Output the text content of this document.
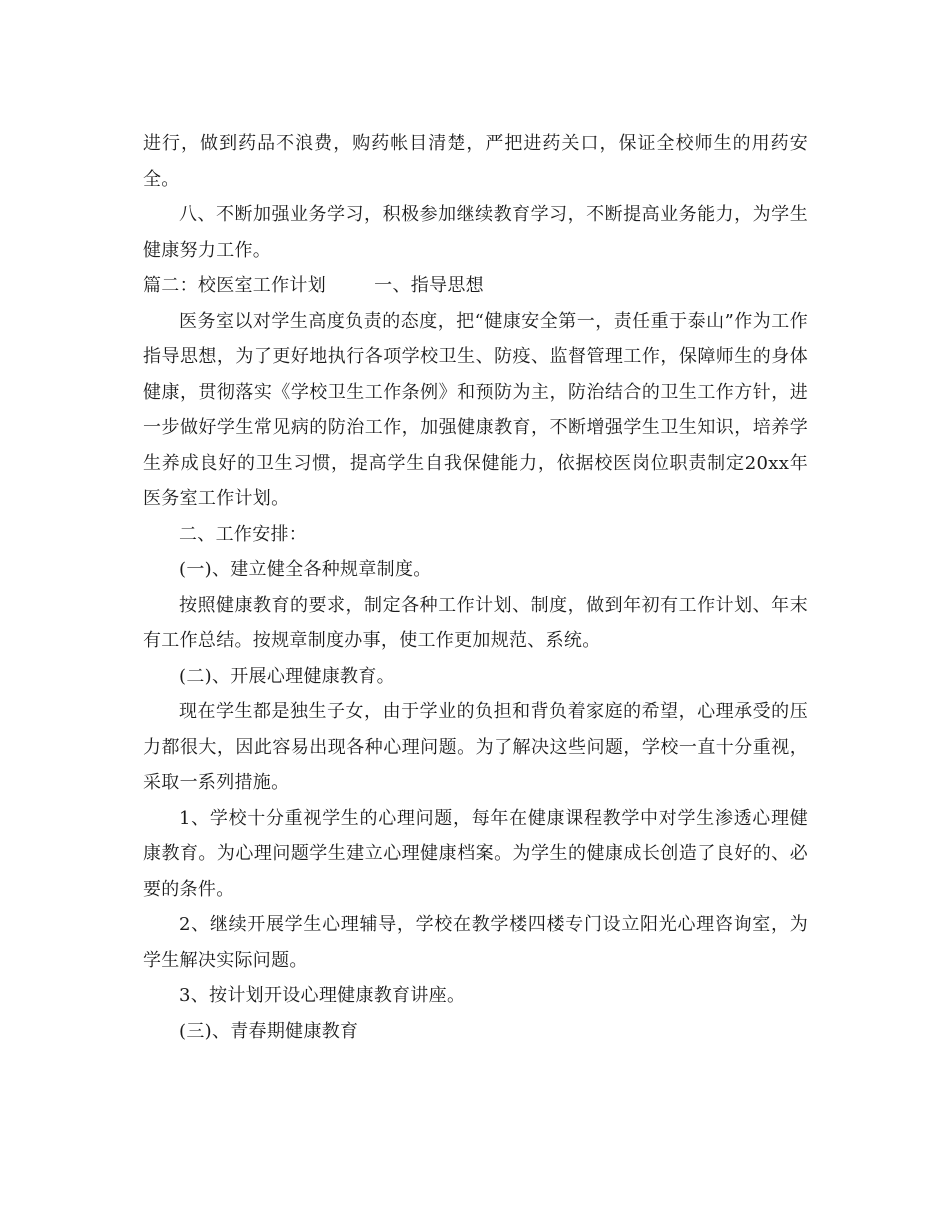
进行，做到药品不浪费，购药帐目清楚，严把进药关口，保证全校师生的用药安全。

八、不断加强业务学习，积极参加继续教育学习，不断提高业务能力，为学生健康努力工作。

篇二：校医室工作计划        一、指导思想

医务室以对学生高度负责的态度，把“健康安全第一，责任重于泰山”作为工作指导思想，为了更好地执行各项学校卫生、防疫、监督管理工作，保障师生的身体健康，贯彻落实《学校卫生工作条例》和预防为主，防治结合的卫生工作方针，进一步做好学生常见病的防治工作，加强健康教育，不断增强学生卫生知识，培养学生养成良好的卫生习惯，提高学生自我保健能力，依据校医岗位职责制定20xx年医务室工作计划。

二、工作安排：

(一)、建立健全各种规章制度。

按照健康教育的要求，制定各种工作计划、制度，做到年初有工作计划、年末有工作总结。按规章制度办事，使工作更加规范、系统。

(二)、开展心理健康教育。

现在学生都是独生子女，由于学业的负担和背负着家庭的希望，心理承受的压力都很大，因此容易出现各种心理问题。为了解决这些问题，学校一直十分重视，采取一系列措施。

1、学校十分重视学生的心理问题，每年在健康课程教学中对学生渗透心理健康教育。为心理问题学生建立心理健康档案。为学生的健康成长创造了良好的、必要的条件。

2、继续开展学生心理辅导，学校在教学楼四楼专门设立阳光心理咨询室，为学生解决实际问题。

3、按计划开设心理健康教育讲座。

(三)、青春期健康教育
